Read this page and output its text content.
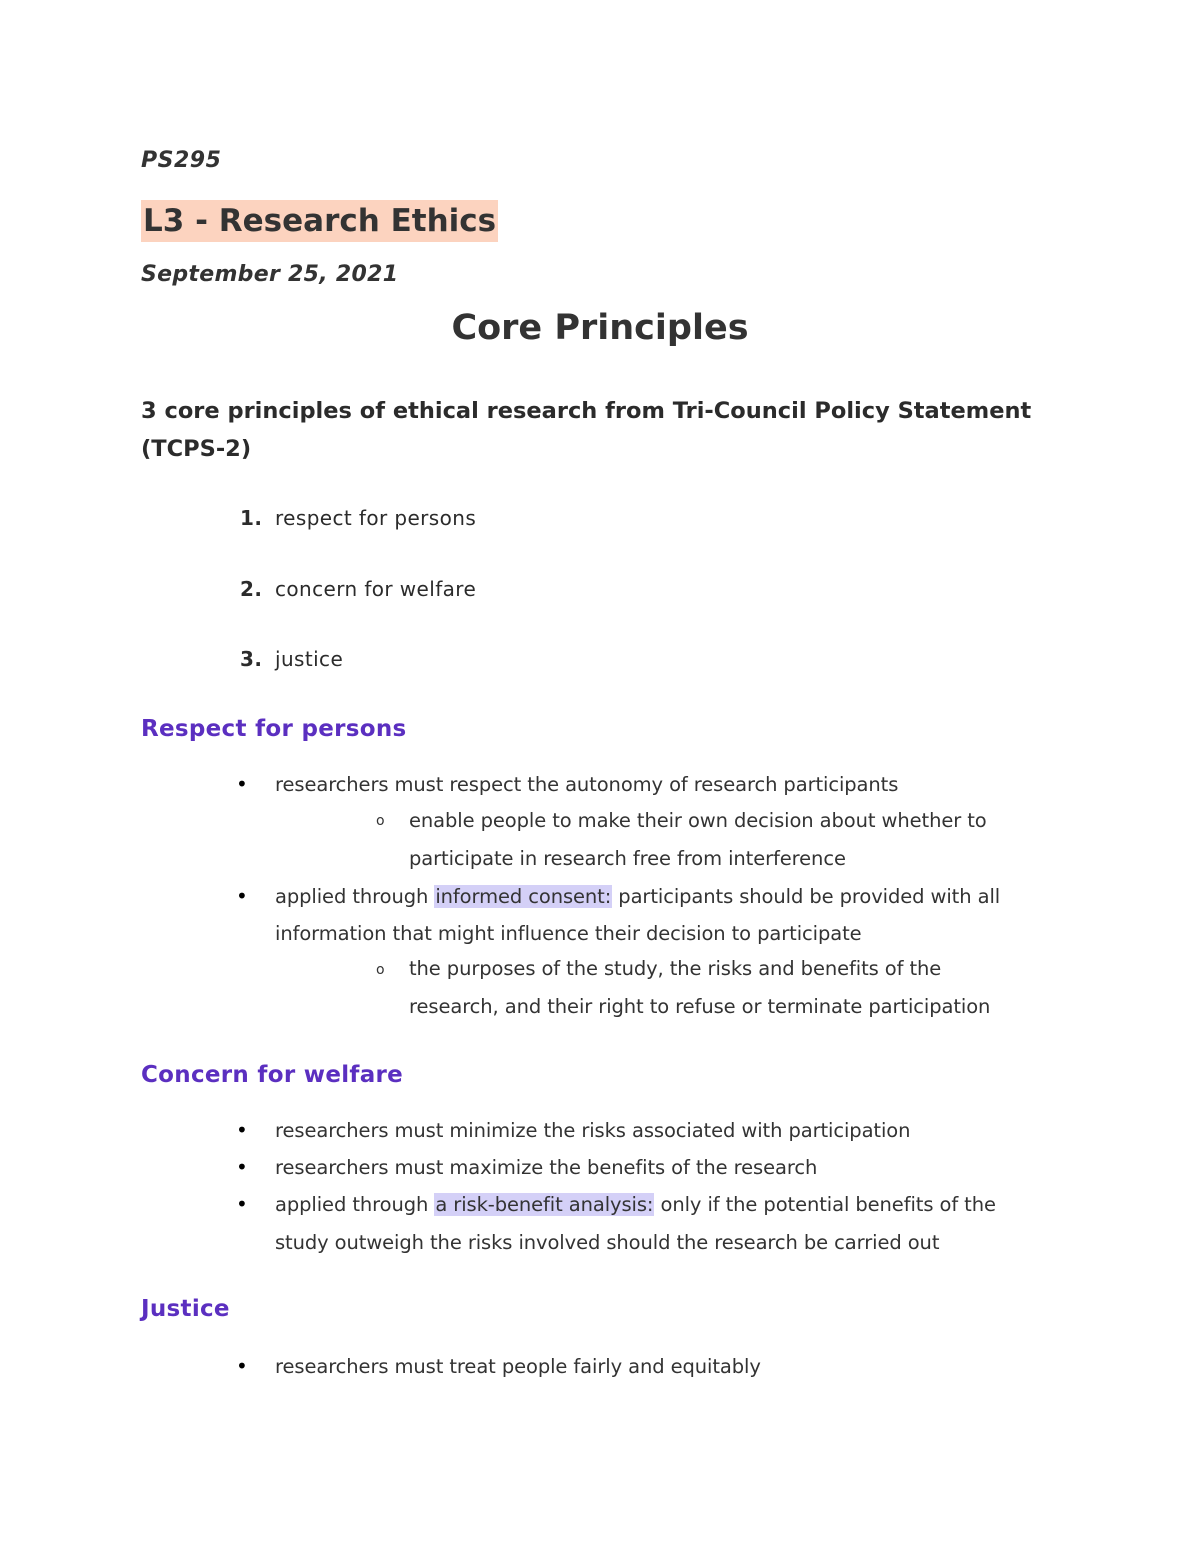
PS295
L3 - Research Ethics
September 25, 2021
Core Principles
3 core principles of ethical research from Tri-Council Policy Statement (TCPS-2)
1. respect for persons
2. concern for welfare
3. justice
Respect for persons
• researchers must respect the autonomy of research participants
o enable people to make their own decision about whether to
participate in research free from interference
• applied through informed consent: participants should be provided with all
information that might influence their decision to participate
o the purposes of the study, the risks and benefits of the
research, and their right to refuse or terminate participation
Concern for welfare
• researchers must minimize the risks associated with participation
• researchers must maximize the benefits of the research
• applied through a risk-benefit analysis: only if the potential benefits of the
study outweigh the risks involved should the research be carried out
Justice
• researchers must treat people fairly and equitably
